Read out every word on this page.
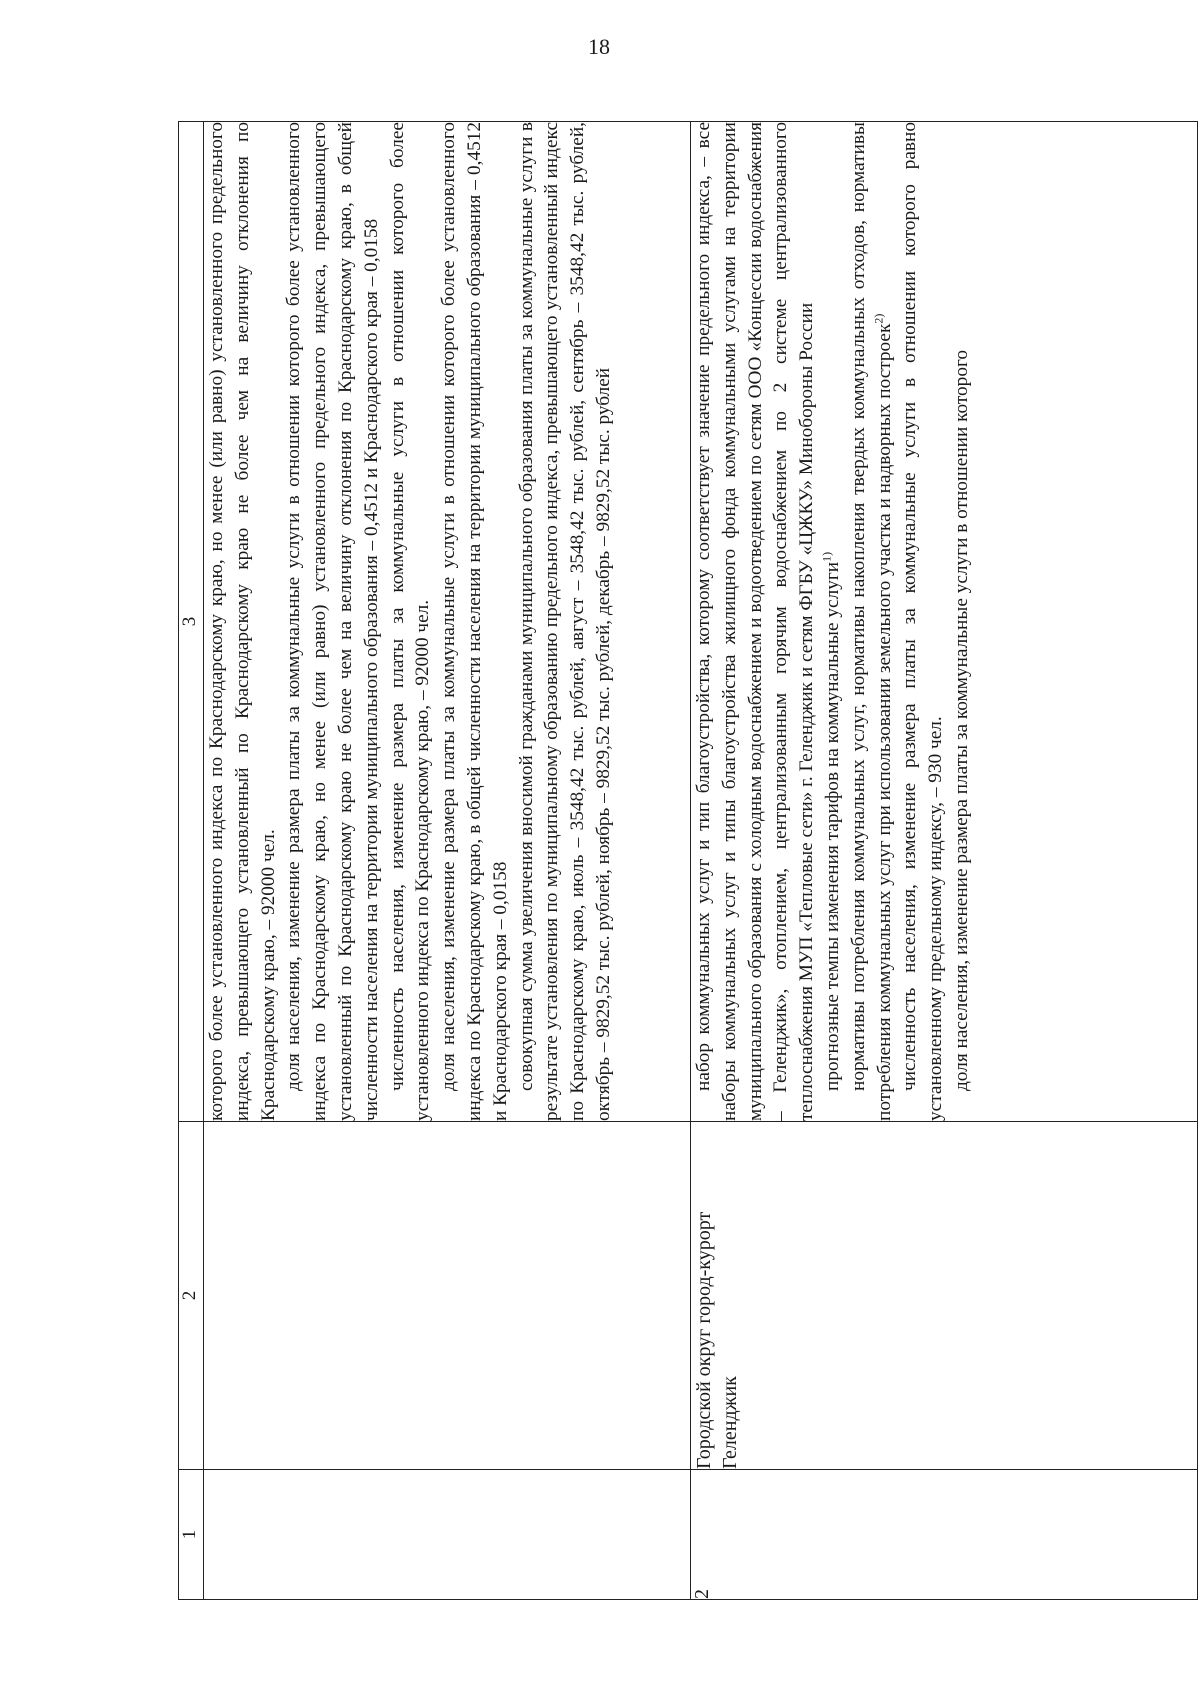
18
1	2	3

		которого более установленного индекса по Краснодарскому краю, но менее (или равно) установленного предельного индекса, превышающего установленный по Краснодарскому краю не более чем на величину отклонения по Краснодарскому краю, – 92000 чел. доля населения, изменение размера платы за коммунальные услуги в отношении которого более установленного индекса по Краснодарскому краю, но менее (или равно) установленного предельного индекса, превышающего установленный по Краснодарскому краю не более чем на величину отклонения по Краснодарскому краю, в общей численности населения на территории муниципального образования – 0,4512 и Краснодарского края – 0,0158 численность населения, изменение размера платы за коммунальные услуги в отношении которого более установленного индекса по Краснодарскому краю, – 92000 чел. доля населения, изменение размера платы за коммунальные услуги в отношении которого более установленного индекса по Краснодарскому краю, в общей численности населения на территории муниципального образования – 0,4512 и Краснодарского края – 0,0158 совокупная сумма увеличения вносимой гражданами муниципального образования платы за коммунальные услуги в результате установления по муниципальному образованию предельного индекса, превышающего установленный индекс по Краснодарскому краю, июль – 3548,42 тыс. рублей, август – 3548,42 тыс. рублей, сентябрь – 3548,42 тыс. рублей, октябрь – 9829,52 тыс. рублей, ноябрь – 9829,52 тыс. рублей, декабрь – 9829,52 тыс. рублей

2	Городской округ город-курорт Геленджик	набор коммунальных услуг и тип благоустройства, которому соответствует значение предельного индекса, – все наборы коммунальных услуг и типы благоустройства жилищного фонда коммунальными услугами на территории муниципального образования с холодным водоснабжением и водоотведением по сетям ООО «Концессии водоснабжения – Геленджик», отоплением, централизованным горячим водоснабжением по 2 системе централизованного теплоснабжения МУП «Тепловые сети» г. Геленджик и сетям ФГБУ «ЦЖКУ» Минобороны России прогнозные темпы изменения тарифов на коммунальные услуги$^{1)}$ нормативы потребления коммунальных услуг, нормативы накопления твердых коммунальных отходов, нормативы потребления коммунальных услуг при использовании земельного участка и надворных построек$^{2)}$ численность населения, изменение размера платы за коммунальные услуги в отношении которого равно установленному предельному индексу, – 930 чел. доля населения, изменение размера платы за коммунальные услуги в отношении которого
